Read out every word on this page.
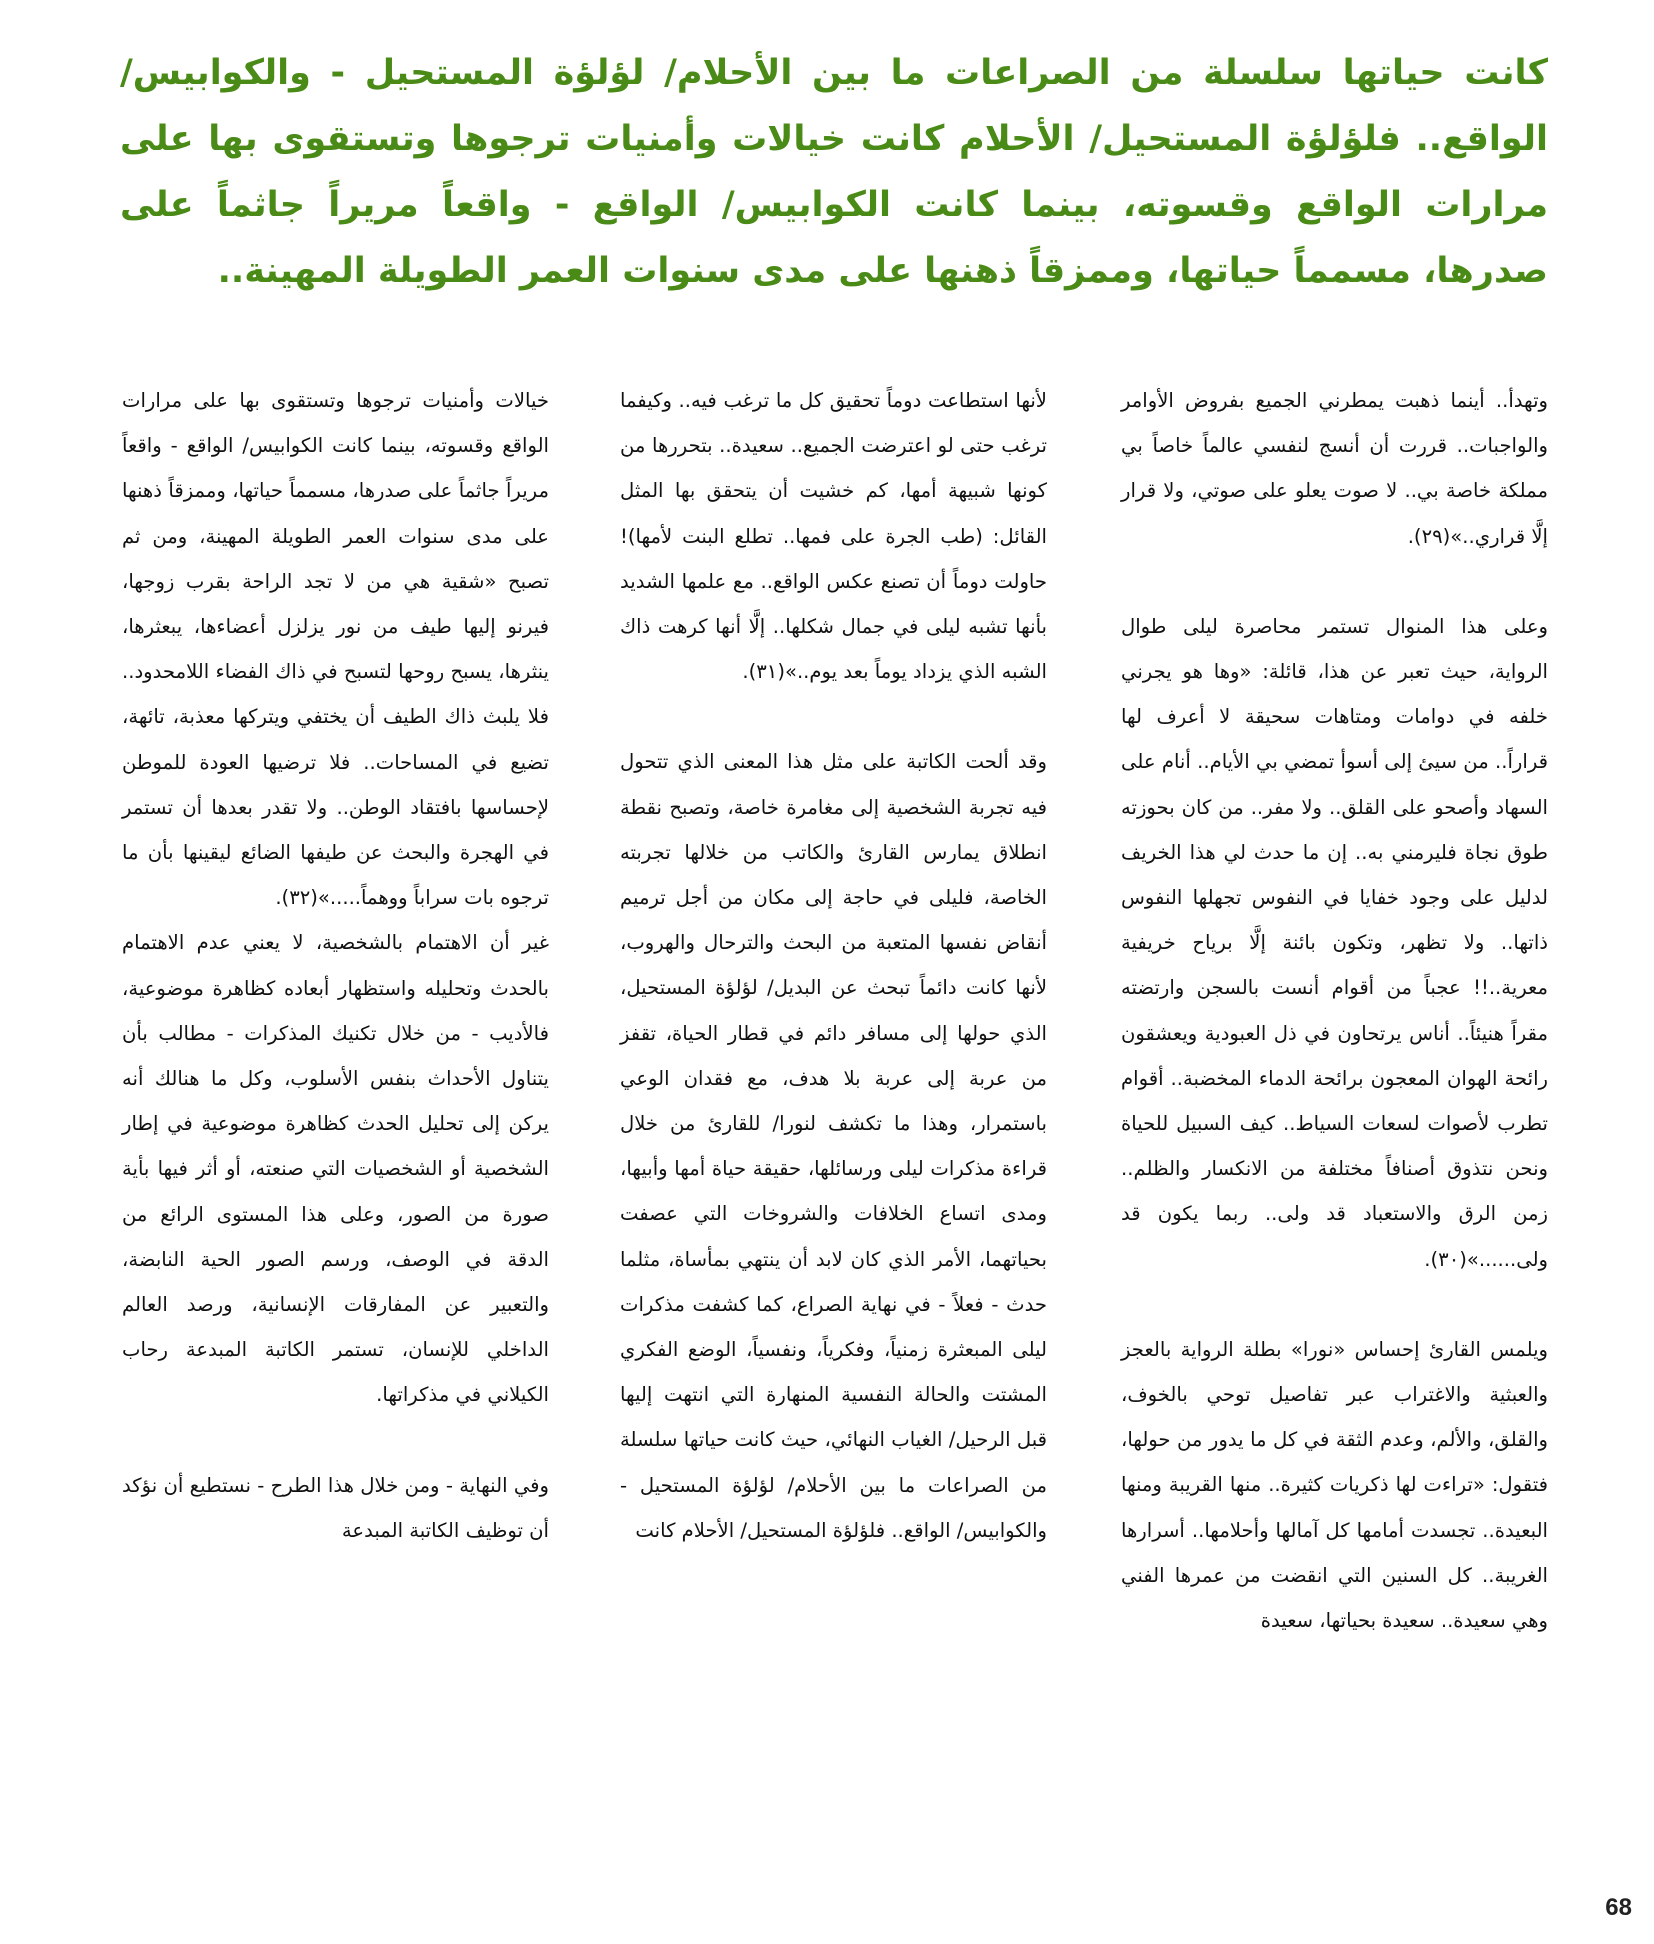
كانت حياتها سلسلة من الصراعات ما بين الأحلام/ لؤلؤة المستحيل - والكوابيس/ الواقع.. فلؤلؤة المستحيل/ الأحلام كانت خيالات وأمنيات ترجوها وتستقوى بها على مرارات الواقع وقسوته، بينما كانت الكوابيس/ الواقع - واقعاً مريراً جاثماً على صدرها، مسمماً حياتها، وممزقاً ذهنها على مدى سنوات العمر الطويلة المهينة..

وتهدأ.. أينما ذهبت يمطرني الجميع بفروض الأوامر والواجبات.. قررت أن أنسج لنفسي عالماً خاصاً بي مملكة خاصة بي.. لا صوت يعلو على صوتي، ولا قرار إلَّا قراري..»(٢٩).

وعلى هذا المنوال تستمر محاصرة ليلى طوال الرواية، حيث تعبر عن هذا، قائلة: «وها هو يجرني خلفه في دوامات ومتاهات سحيقة لا أعرف لها قراراً.. من سيئ إلى أسوأ تمضي بي الأيام.. أنام على السهاد وأصحو على القلق.. ولا مفر.. من كان بحوزته طوق نجاة فليرمني به.. إن ما حدث لي هذا الخريف لدليل على وجود خفايا في النفوس تجهلها النفوس ذاتها.. ولا تظهر، وتكون بائنة إلَّا برياح خريفية معرية..!! عجباً من أقوام أنست بالسجن وارتضته مقراً هنيئاً.. أناس يرتحاون في ذل العبودية ويعشقون رائحة الهوان المعجون برائحة الدماء المخضبة.. أقوام تطرب لأصوات لسعات السياط.. كيف السبيل للحياة ونحن نتذوق أصنافاً مختلفة من الانكسار والظلم.. زمن الرق والاستعباد قد ولى.. ربما يكون قد ولى......»(٣٠).

ويلمس القارئ إحساس «نورا» بطلة الرواية بالعجز والعبثية والاغتراب عبر تفاصيل توحي بالخوف، والقلق، والألم، وعدم الثقة في كل ما يدور من حولها، فتقول: «تراءت لها ذكريات كثيرة.. منها القريبة ومنها البعيدة.. تجسدت أمامها كل آمالها وأحلامها.. أسرارها الغريبة.. كل السنين التي انقضت من عمرها الفني وهي سعيدة.. سعيدة بحياتها، سعيدة

لأنها استطاعت دوماً تحقيق كل ما ترغب فيه.. وكيفما ترغب حتى لو اعترضت الجميع.. سعيدة.. بتحررها من كونها شبيهة أمها، كم خشيت أن يتحقق بها المثل القائل: (طب الجرة على فمها.. تطلع البنت لأمها)! حاولت دوماً أن تصنع عكس الواقع.. مع علمها الشديد بأنها تشبه ليلى في جمال شكلها.. إلَّا أنها كرهت ذاك الشبه الذي يزداد يوماً بعد يوم..»(٣١).

وقد ألحت الكاتبة على مثل هذا المعنى الذي تتحول فيه تجربة الشخصية إلى مغامرة خاصة، وتصبح نقطة انطلاق يمارس القارئ والكاتب من خلالها تجربته الخاصة، فليلى في حاجة إلى مكان من أجل ترميم أنقاض نفسها المتعبة من البحث والترحال والهروب، لأنها كانت دائماً تبحث عن البديل/ لؤلؤة المستحيل، الذي حولها إلى مسافر دائم في قطار الحياة، تقفز من عربة إلى عربة بلا هدف، مع فقدان الوعي باستمرار، وهذا ما تكشف لنورا/ للقارئ من خلال قراءة مذكرات ليلى ورسائلها، حقيقة حياة أمها وأبيها، ومدى اتساع الخلافات والشروخات التي عصفت بحياتهما، الأمر الذي كان لابد أن ينتهي بمأساة، مثلما حدث - فعلاً - في نهاية الصراع، كما كشفت مذكرات ليلى المبعثرة زمنياً، وفكرياً، ونفسياً، الوضع الفكري المشتت والحالة النفسية المنهارة التي انتهت إليها قبل الرحيل/ الغياب النهائي، حيث كانت حياتها سلسلة من الصراعات ما بين الأحلام/ لؤلؤة المستحيل - والكوابيس/ الواقع.. فلؤلؤة المستحيل/ الأحلام كانت

خيالات وأمنيات ترجوها وتستقوى بها على مرارات الواقع وقسوته، بينما كانت الكوابيس/ الواقع - واقعاً مريراً جاثماً على صدرها، مسمماً حياتها، وممزقاً ذهنها على مدى سنوات العمر الطويلة المهينة، ومن ثم تصبح «شقية هي من لا تجد الراحة بقرب زوجها، فيرنو إليها طيف من نور يزلزل أعضاءها، يبعثرها، ينثرها، يسبح روحها لتسبح في ذاك الفضاء اللامحدود.. فلا يلبث ذاك الطيف أن يختفي ويتركها معذبة، تائهة، تضيع في المساحات.. فلا ترضيها العودة للموطن لإحساسها بافتقاد الوطن.. ولا تقدر بعدها أن تستمر في الهجرة والبحث عن طيفها الضائع ليقينها بأن ما ترجوه بات سراباً ووهماً.....»(٣٢).

غير أن الاهتمام بالشخصية، لا يعني عدم الاهتمام بالحدث وتحليله واستظهار أبعاده كظاهرة موضوعية، فالأديب - من خلال تكنيك المذكرات - مطالب بأن يتناول الأحداث بنفس الأسلوب، وكل ما هنالك أنه يركن إلى تحليل الحدث كظاهرة موضوعية في إطار الشخصية أو الشخصيات التي صنعته، أو أثر فيها بأية صورة من الصور، وعلى هذا المستوى الرائع من الدقة في الوصف، ورسم الصور الحية النابضة، والتعبير عن المفارقات الإنسانية، ورصد العالم الداخلي للإنسان، تستمر الكاتبة المبدعة رحاب الكيلاني في مذكراتها.

وفي النهاية - ومن خلال هذا الطرح - نستطيع أن نؤكد أن توظيف الكاتبة المبدعة

68
